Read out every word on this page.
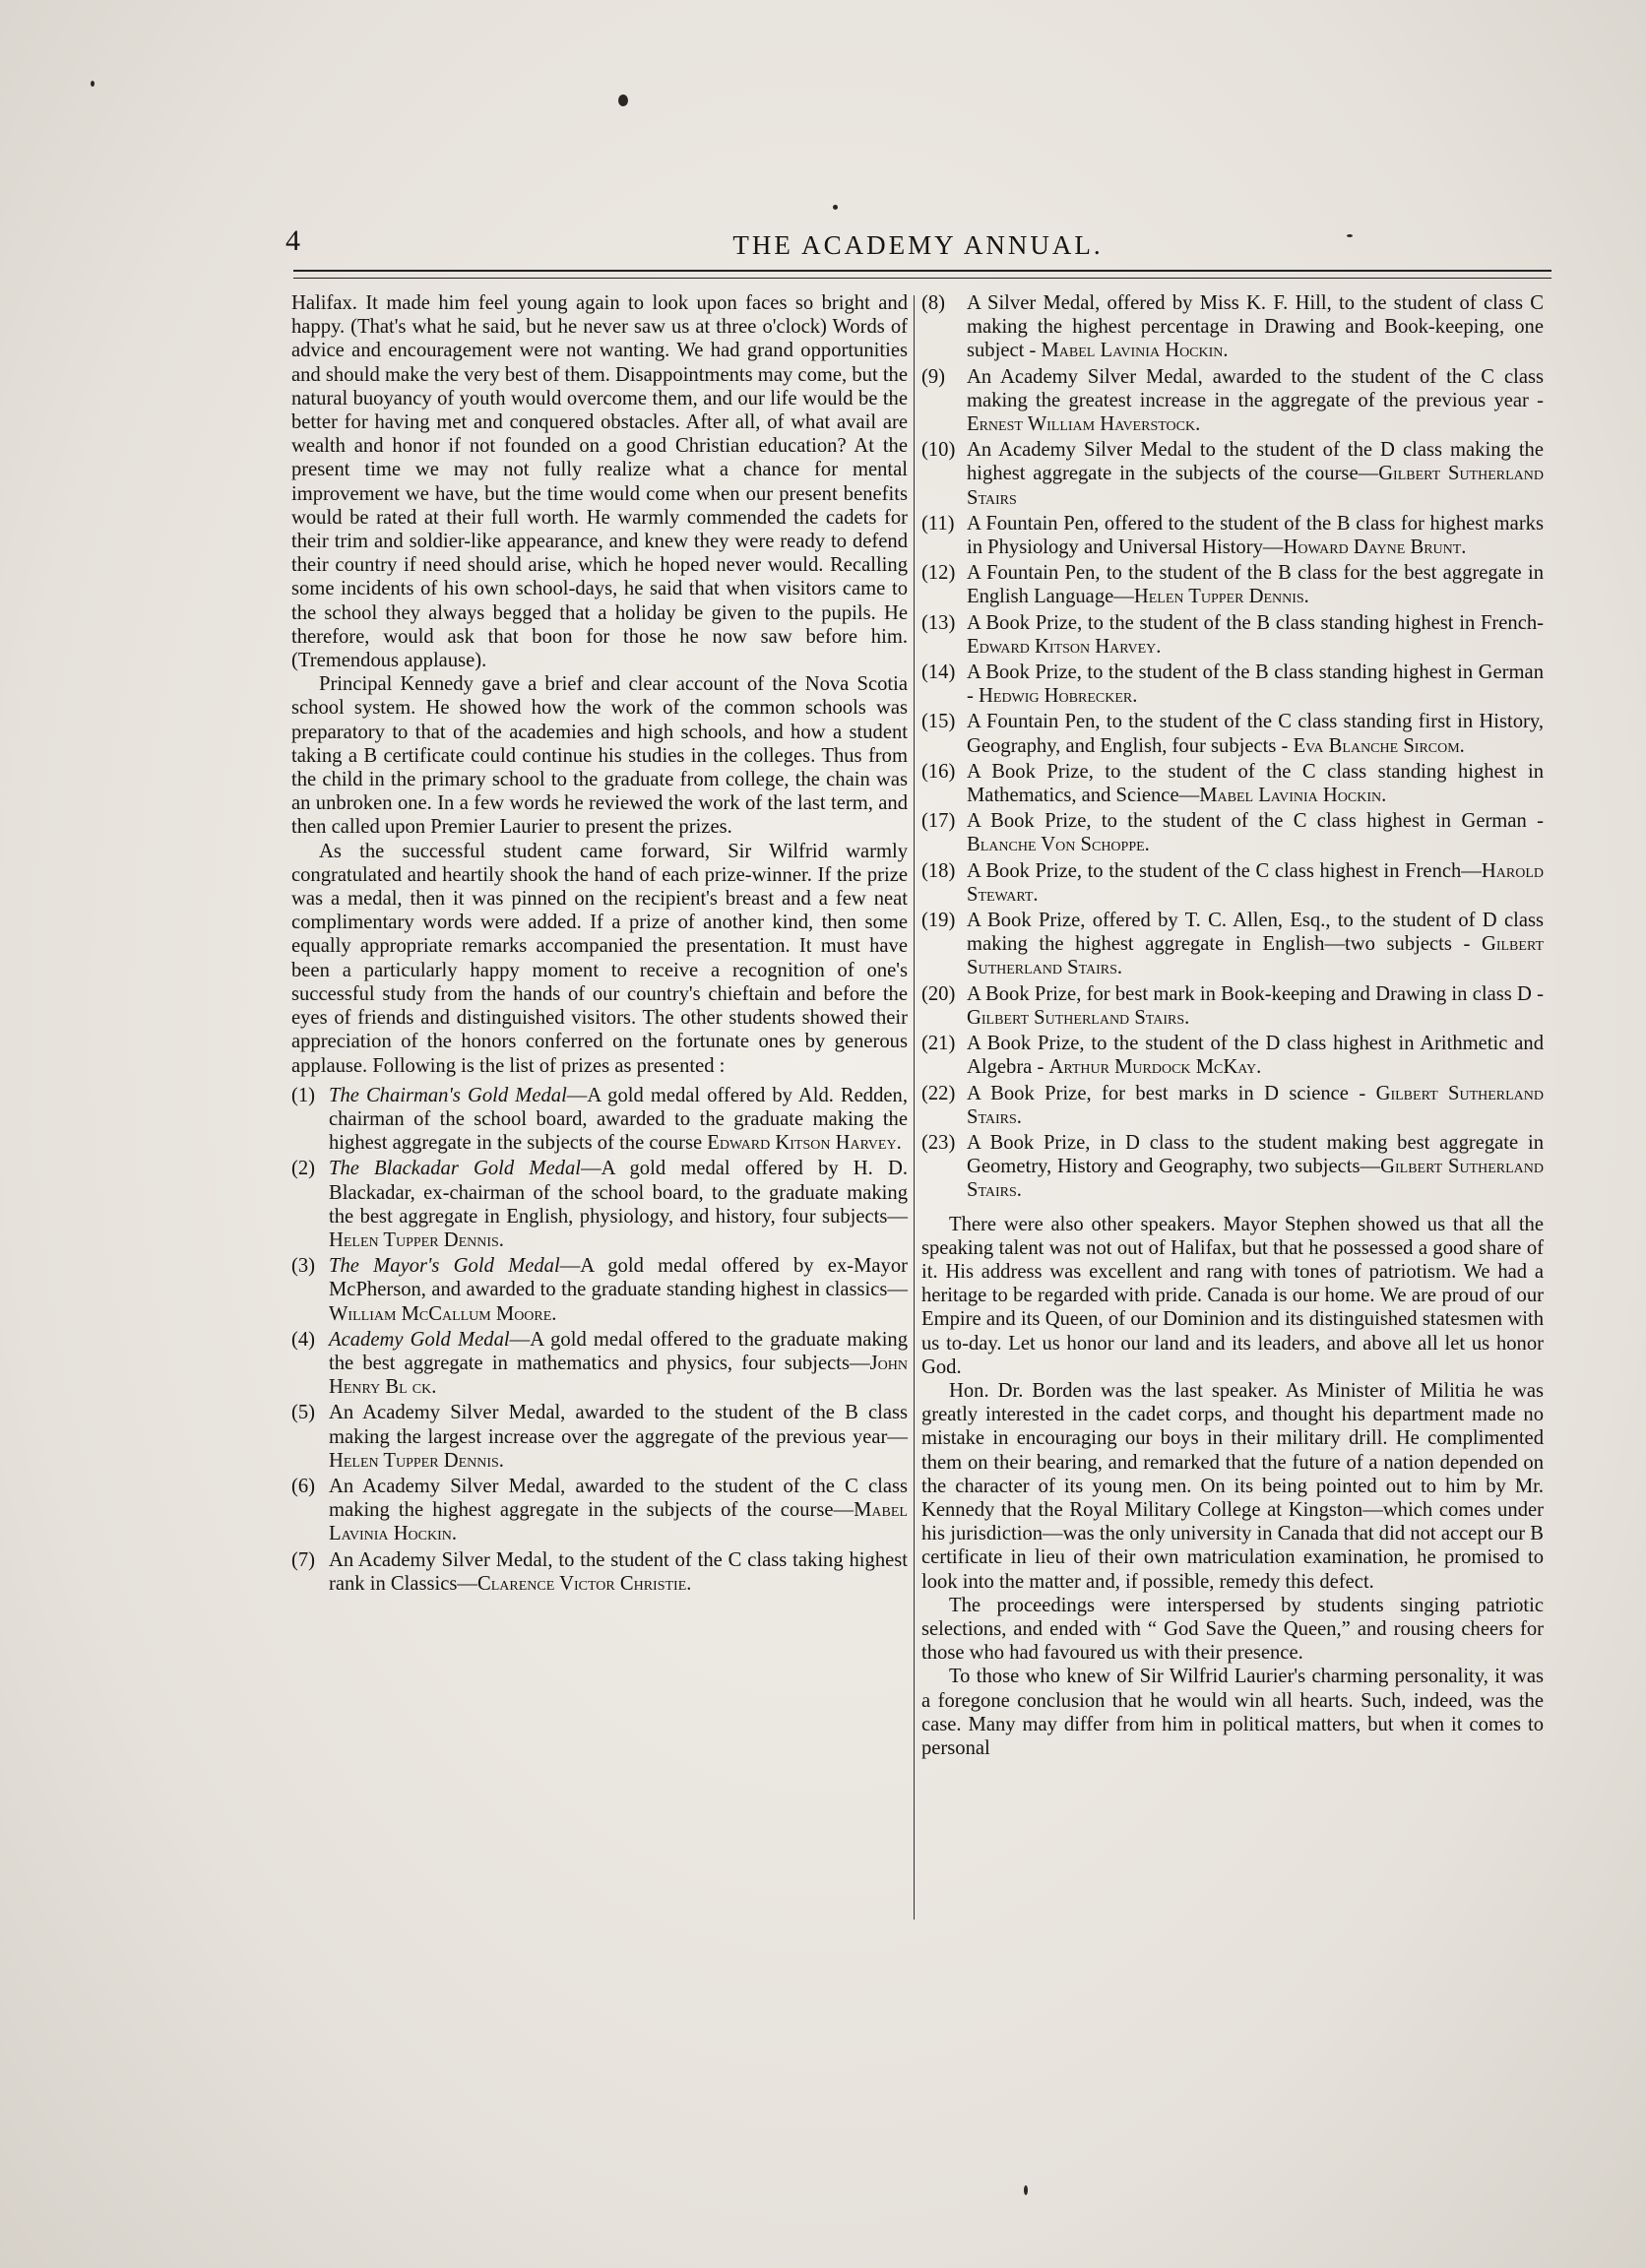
4	THE ACADEMY ANNUAL.

Halifax. It made him feel young again to look upon faces so bright and happy. (That's what he said, but he never saw us at three o'clock) Words of advice and encouragement were not wanting. We had grand opportunities and should make the very best of them. Disappointments may come, but the natural buoyancy of youth would overcome them, and our life would be the better for having met and conquered obstacles. After all, of what avail are wealth and honor if not founded on a good Christian education? At the present time we may not fully realize what a chance for mental improvement we have, but the time would come when our present benefits would be rated at their full worth. He warmly commended the cadets for their trim and soldier-like appearance, and knew they were ready to defend their country if need should arise, which he hoped never would. Recalling some incidents of his own school-days, he said that when visitors came to the school they always begged that a holiday be given to the pupils. He therefore, would ask that boon for those he now saw before him. (Tremendous applause).

Principal Kennedy gave a brief and clear account of the Nova Scotia school system. He showed how the work of the common schools was preparatory to that of the academies and high schools, and how a student taking a B certificate could continue his studies in the colleges. Thus from the child in the primary school to the graduate from college, the chain was an unbroken one. In a few words he reviewed the work of the last term, and then called upon Premier Laurier to present the prizes.

As the successful student came forward, Sir Wilfrid warmly congratulated and heartily shook the hand of each prize-winner. If the prize was a medal, then it was pinned on the recipient's breast and a few neat complimentary words were added. If a prize of another kind, then some equally appropriate remarks accompanied the presentation. It must have been a particularly happy moment to receive a recognition of one's successful study from the hands of our country's chieftain and before the eyes of friends and distinguished visitors. The other students showed their appreciation of the honors conferred on the fortunate ones by generous applause. Following is the list of prizes as presented :

(1) The Chairman's Gold Medal—A gold medal offered by Ald. Redden, chairman of the school board, awarded to the graduate making the highest aggregate in the subjects of the course Edward Kitson Harvey.
(2) The Blackadar Gold Medal—A gold medal offered by H. D. Blackadar, ex-chairman of the school board, to the graduate making the best aggregate in English, physiology, and history, four subjects—Helen Tupper Dennis.
(3) The Mayor's Gold Medal—A gold medal offered by ex-Mayor McPherson, and awarded to the graduate standing highest in classics—William McCallum Moore.
(4) Academy Gold Medal—A gold medal offered to the graduate making the best aggregate in mathematics and physics, four subjects—John Henry Bl ck.
(5) An Academy Silver Medal, awarded to the student of the B class making the largest increase over the aggregate of the previous year—Helen Tupper Dennis.
(6) An Academy Silver Medal, awarded to the student of the C class making the highest aggregate in the subjects of the course—Mabel Lavinia Hockin.
(7) An Academy Silver Medal, to the student of the C class taking highest rank in Classics—Clarence Victor Christie.
(8) A Silver Medal, offered by Miss K. F. Hill, to the student of class C making the highest percentage in Drawing and Book-keeping, one subject - Mabel Lavinia Hockin.
(9) An Academy Silver Medal, awarded to the student of the C class making the greatest increase in the aggregate of the previous year - Ernest William Haverstock.
(10) An Academy Silver Medal to the student of the D class making the highest aggregate in the subjects of the course—Gilbert Sutherland Stairs
(11) A Fountain Pen, offered to the student of the B class for highest marks in Physiology and Universal History—Howard Dayne Brunt.
(12) A Fountain Pen, to the student of the B class for the best aggregate in English Language—Helen Tupper Dennis.
(13) A Book Prize, to the student of the B class standing highest in French- Edward Kitson Harvey.
(14) A Book Prize, to the student of the B class standing highest in German - Hedwig Hobrecker.
(15) A Fountain Pen, to the student of the C class standing first in History, Geography, and English, four subjects - Eva Blanche Sircom.
(16) A Book Prize, to the student of the C class standing highest in Mathematics, and Science—Mabel Lavinia Hockin.
(17) A Book Prize, to the student of the C class highest in German - Blanche Von Schoppe.
(18) A Book Prize, to the student of the C class highest in French—Harold Stewart.
(19) A Book Prize, offered by T. C. Allen, Esq., to the student of D class making the highest aggregate in English—two subjects - Gilbert Sutherland Stairs.
(20) A Book Prize, for best mark in Book-keeping and Drawing in class D - Gilbert Sutherland Stairs.
(21) A Book Prize, to the student of the D class highest in Arithmetic and Algebra - Arthur Murdock McKay.
(22) A Book Prize, for best marks in D science - Gilbert Sutherland Stairs.
(23) A Book Prize, in D class to the student making best aggregate in Geometry, History and Geography, two subjects—Gilbert Sutherland Stairs.

There were also other speakers. Mayor Stephen showed us that all the speaking talent was not out of Halifax, but that he possessed a good share of it. His address was excellent and rang with tones of patriotism. We had a heritage to be regarded with pride. Canada is our home. We are proud of our Empire and its Queen, of our Dominion and its distinguished statesmen with us to-day. Let us honor our land and its leaders, and above all let us honor God.

Hon. Dr. Borden was the last speaker. As Minister of Militia he was greatly interested in the cadet corps, and thought his department made no mistake in encouraging our boys in their military drill. He complimented them on their bearing, and remarked that the future of a nation depended on the character of its young men. On its being pointed out to him by Mr. Kennedy that the Royal Military College at Kingston—which comes under his jurisdiction—was the only university in Canada that did not accept our B certificate in lieu of their own matriculation examination, he promised to look into the matter and, if possible, remedy this defect.

The proceedings were interspersed by students singing patriotic selections, and ended with “ God Save the Queen,” and rousing cheers for those who had favoured us with their presence.

To those who knew of Sir Wilfrid Laurier's charming personality, it was a foregone conclusion that he would win all hearts. Such, indeed, was the case. Many may differ from him in political matters, but when it comes to personal
